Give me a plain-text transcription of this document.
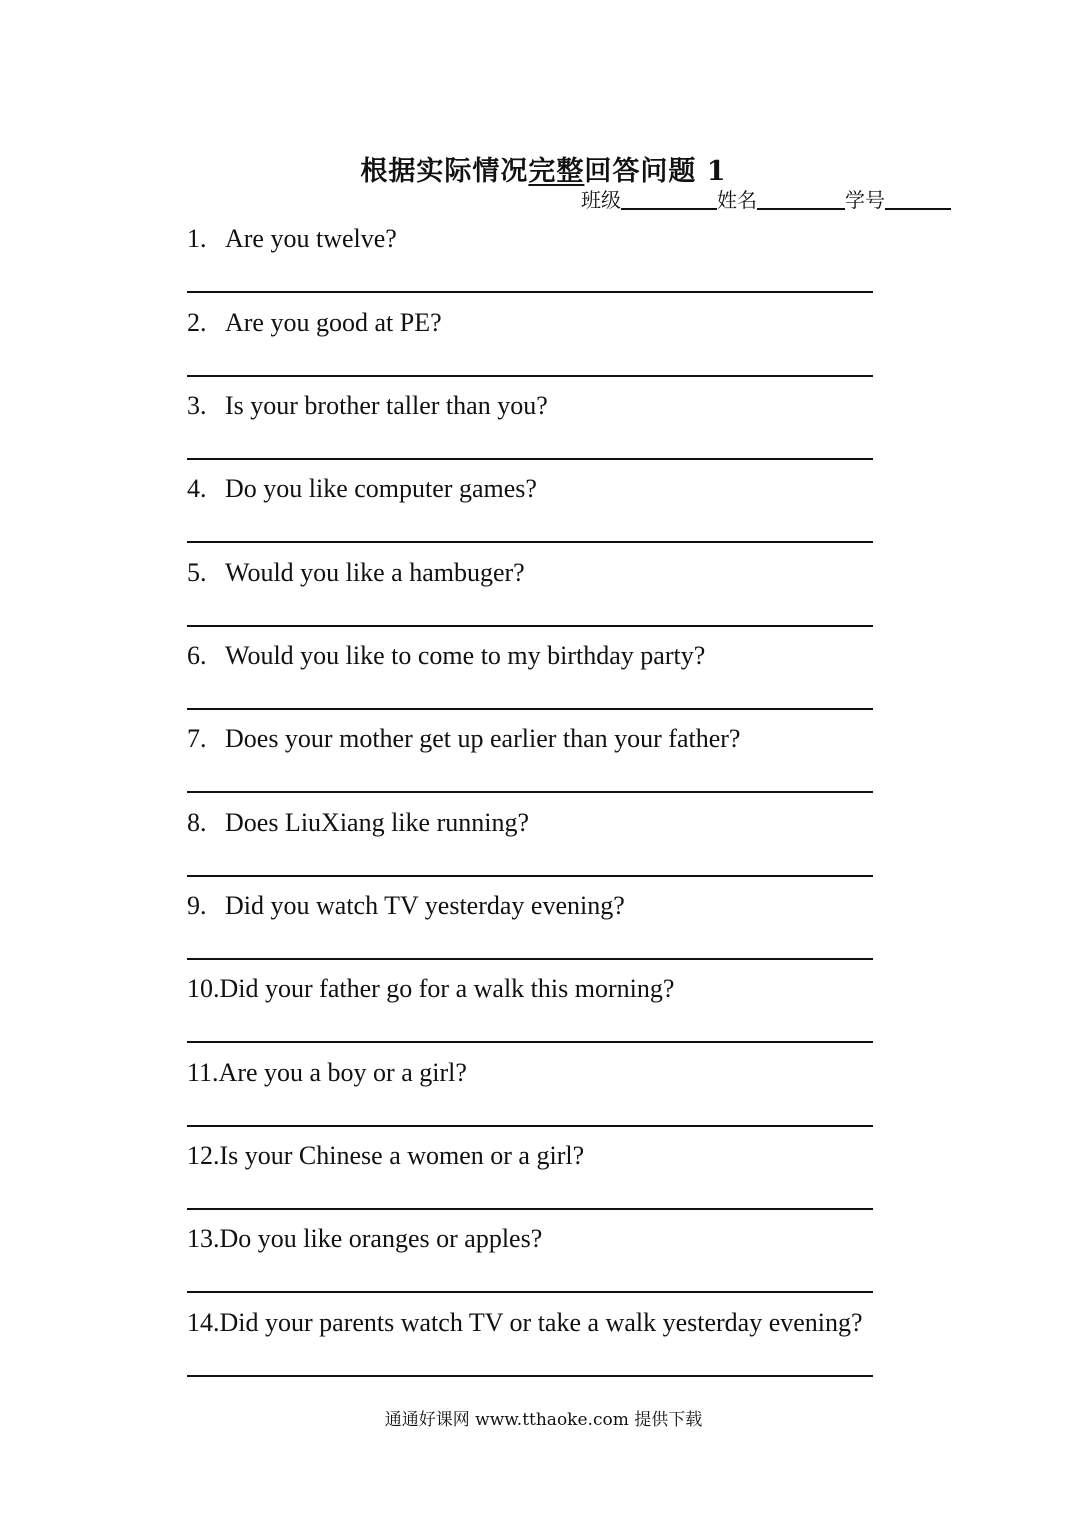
根据实际情况完整回答问题 1
班级	姓名	学号
1. Are you twelve?
2. Are you good at PE?
3. Is your brother taller than you?
4. Do you like computer games?
5. Would you like a hambuger?
6. Would you like to come to my birthday party?
7. Does your mother get up earlier than your father?
8. Does LiuXiang like running?
9. Did you watch TV yesterday evening?
10.Did your father go for a walk this morning?
11.Are you a boy or a girl?
12.Is your Chinese a women or a girl?
13.Do you like oranges or apples?
14.Did your parents watch TV or take a walk yesterday evening?
通通好课网 www.tthaoke.com 提供下载
